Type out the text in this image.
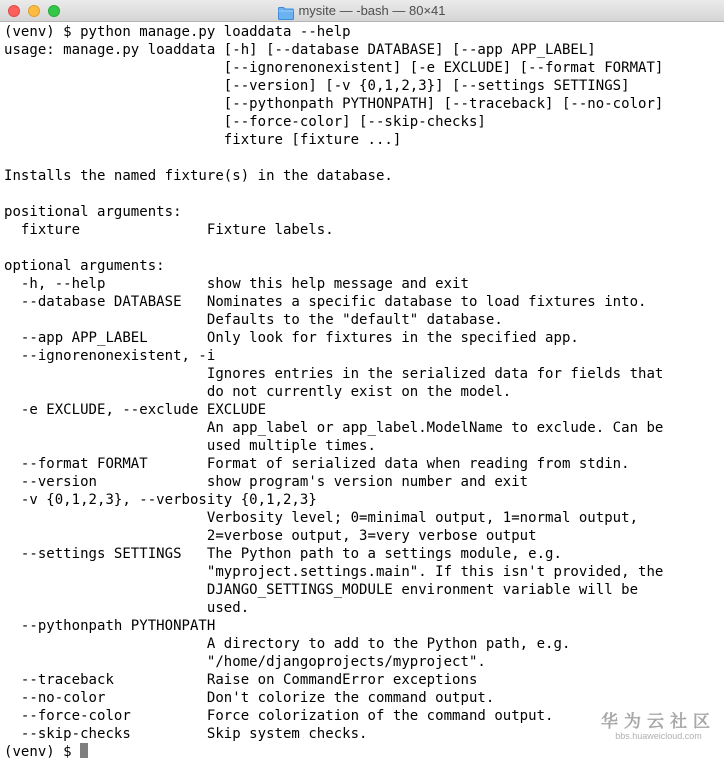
mysite — -bash — 80×41
(venv) $ python manage.py loaddata --help
usage: manage.py loaddata [-h] [--database DATABASE] [--app APP_LABEL]
[--ignorenonexistent] [-e EXCLUDE] [--format FORMAT]
[--version] [-v {0,1,2,3}] [--settings SETTINGS]
[--pythonpath PYTHONPATH] [--traceback] [--no-color]
[--force-color] [--skip-checks]
fixture [fixture ...]
Installs the named fixture(s) in the database.
positional arguments:
fixture               Fixture labels.
optional arguments:
-h, --help            show this help message and exit
--database DATABASE   Nominates a specific database to load fixtures into.
Defaults to the "default" database.
--app APP_LABEL       Only look for fixtures in the specified app.
--ignorenonexistent, -i
Ignores entries in the serialized data for fields that
do not currently exist on the model.
-e EXCLUDE, --exclude EXCLUDE
An app_label or app_label.ModelName to exclude. Can be
used multiple times.
--format FORMAT       Format of serialized data when reading from stdin.
--version             show program's version number and exit
-v {0,1,2,3}, --verbosity {0,1,2,3}
Verbosity level; 0=minimal output, 1=normal output,
2=verbose output, 3=very verbose output
--settings SETTINGS   The Python path to a settings module, e.g.
"myproject.settings.main". If this isn't provided, the
DJANGO_SETTINGS_MODULE environment variable will be
used.
--pythonpath PYTHONPATH
A directory to add to the Python path, e.g.
"/home/djangoprojects/myproject".
--traceback           Raise on CommandError exceptions
--no-color            Don't colorize the command output.
--force-color         Force colorization of the command output.
--skip-checks         Skip system checks.
(venv) $
华为云社区
bbs.huaweicloud.com
